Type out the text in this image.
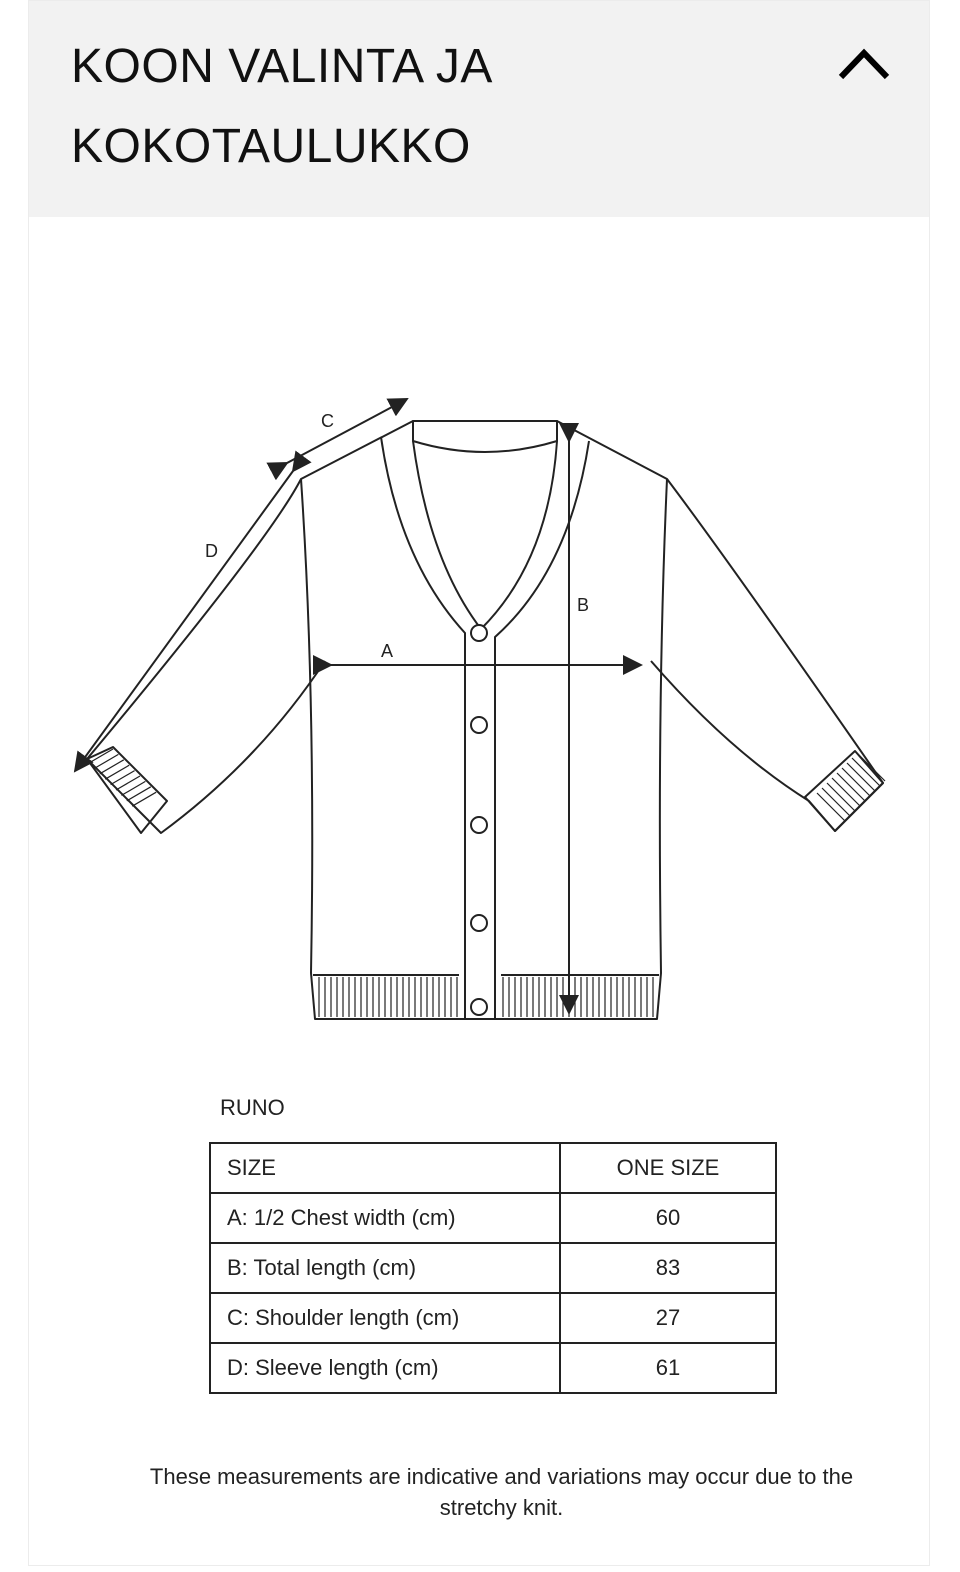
KOON VALINTA JA
KOKOTAULUKKO
A
B
C
D
RUNO
SIZE	ONE SIZE
A: 1/2 Chest width (cm)	60
B: Total length (cm)	83
C: Shoulder length (cm)	27
D: Sleeve length (cm)	61
These measurements are indicative and variations may occur due to the stretchy knit.
